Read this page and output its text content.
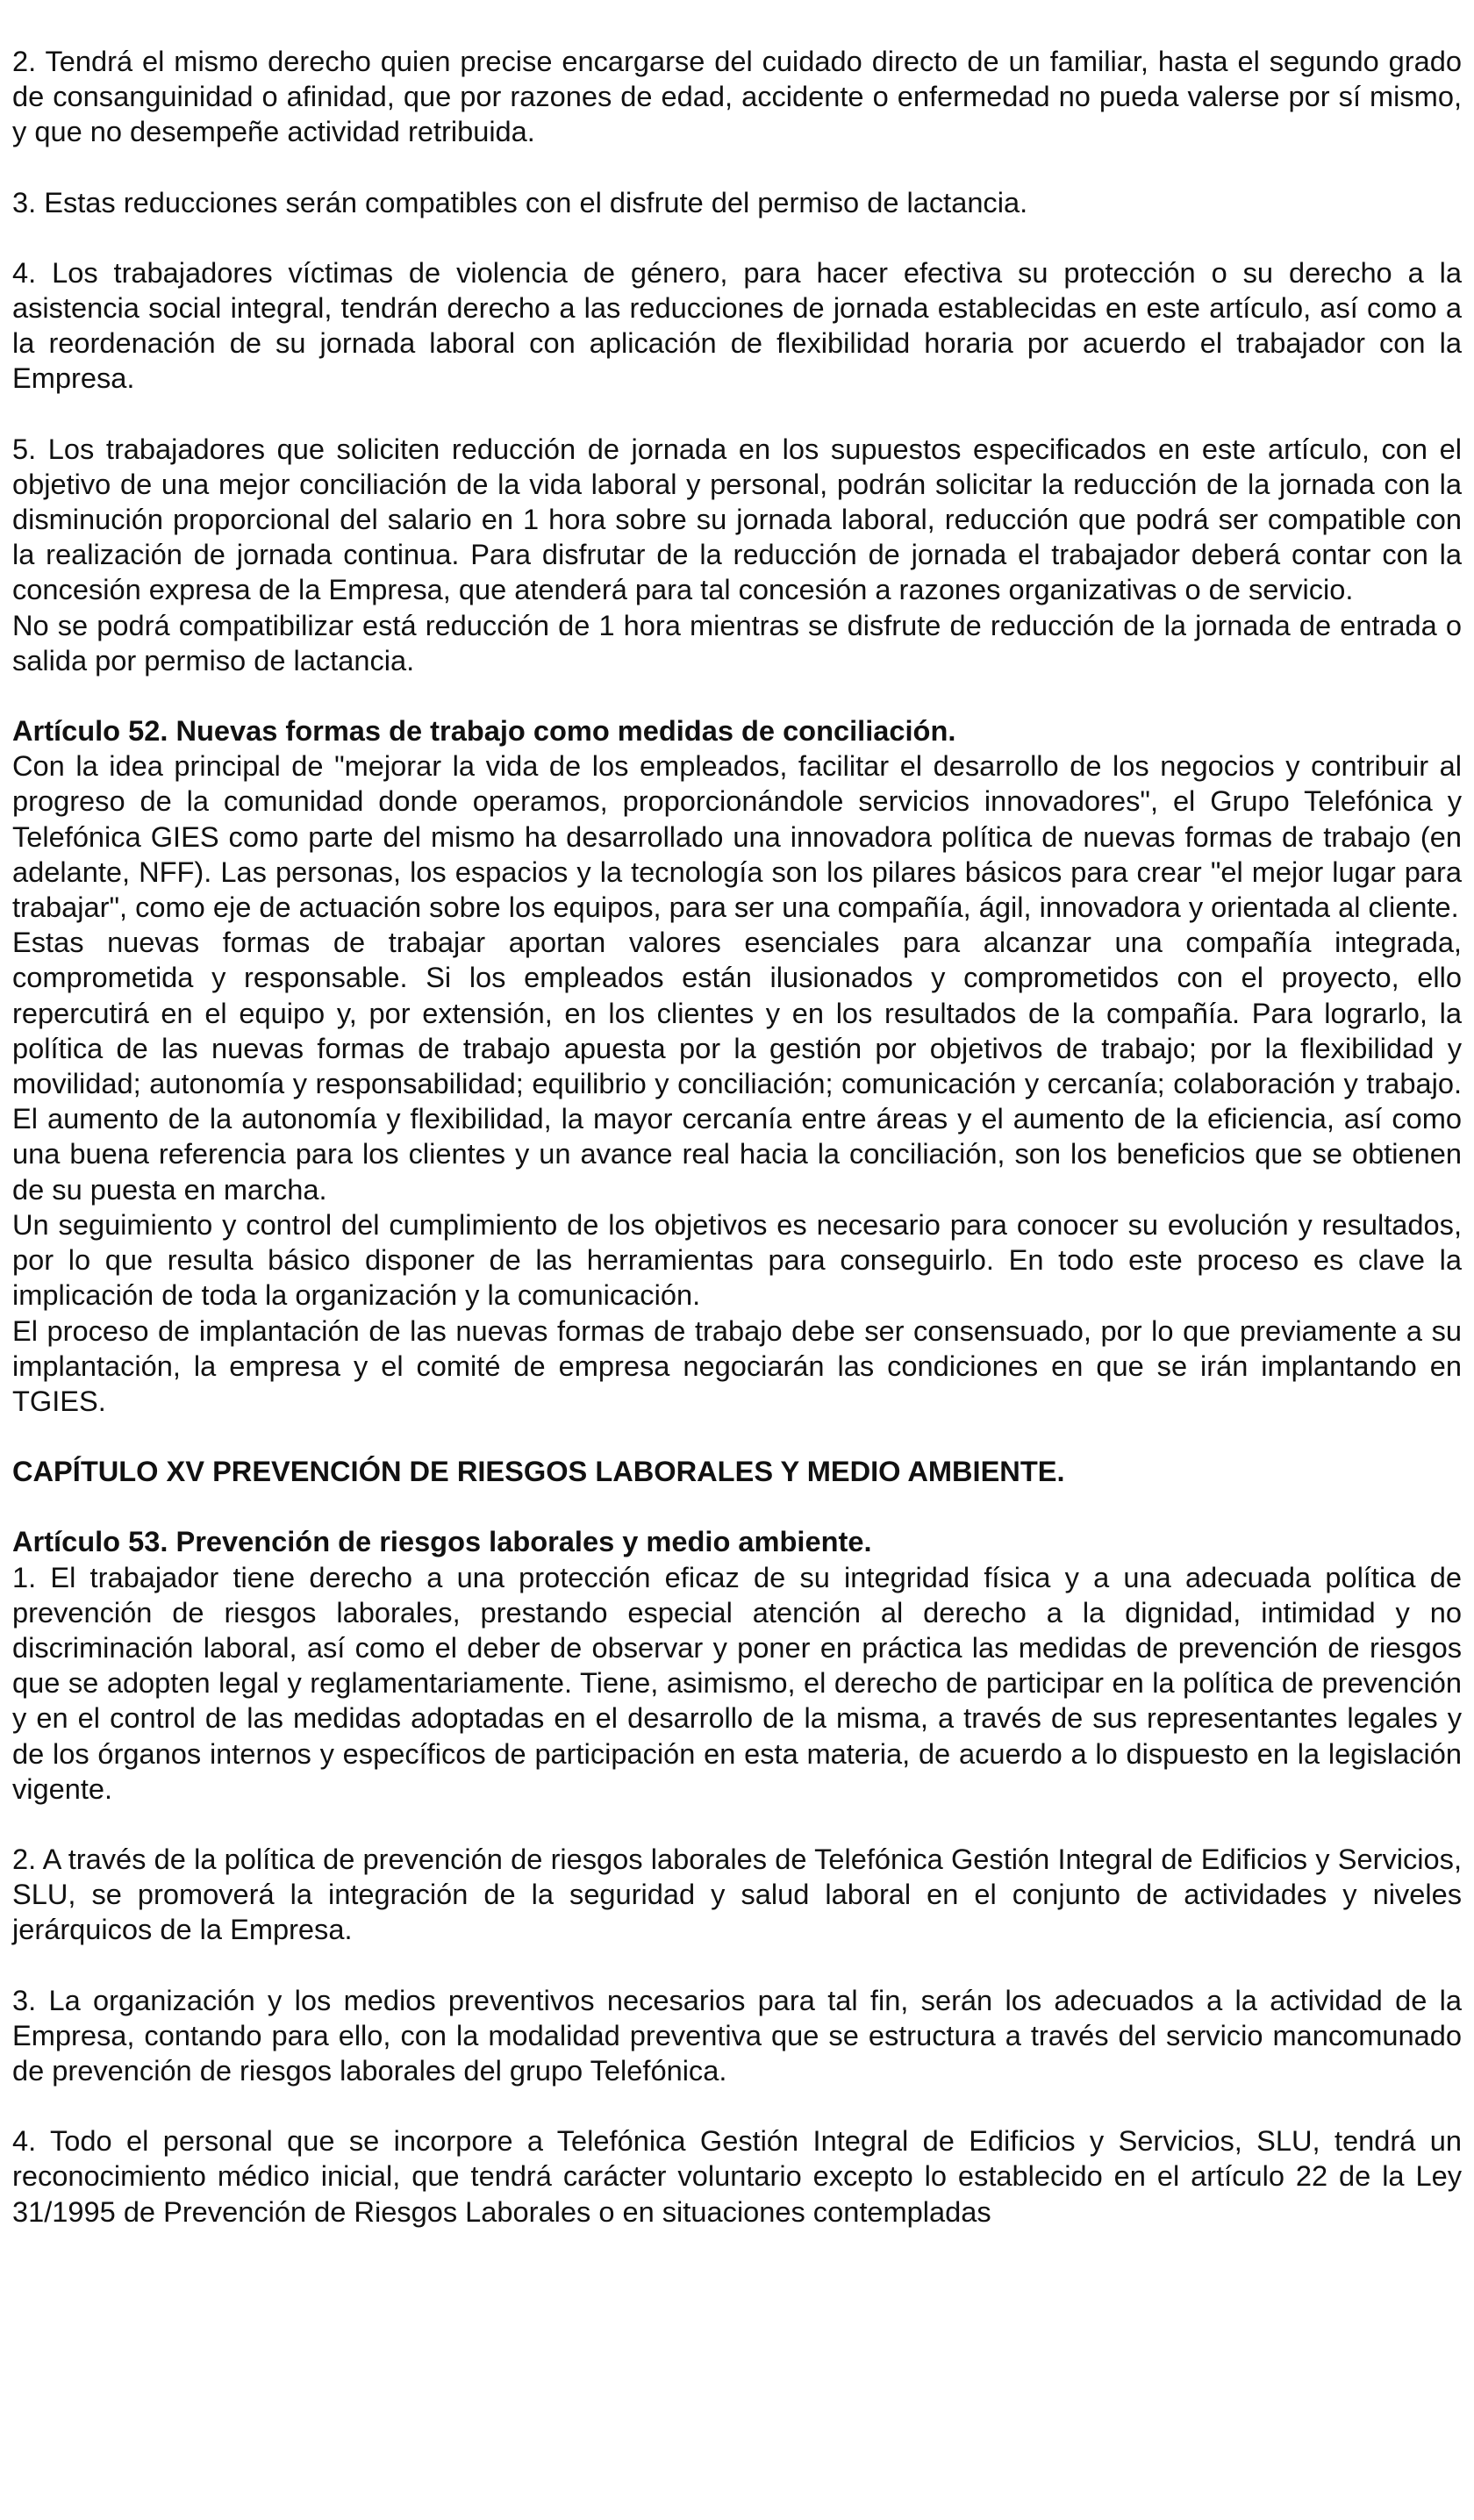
2. Tendrá el mismo derecho quien precise encargarse del cuidado directo de un familiar, hasta el segundo grado de consanguinidad o afinidad, que por razones de edad, accidente o enfermedad no pueda valerse por sí mismo, y que no desempeñe actividad retribuida.

3. Estas reducciones serán compatibles con el disfrute del permiso de lactancia.

4. Los trabajadores víctimas de violencia de género, para hacer efectiva su protección o su derecho a la asistencia social integral, tendrán derecho a las reducciones de jornada establecidas en este artículo, así como a la reordenación de su jornada laboral con aplicación de flexibilidad horaria por acuerdo el trabajador con la Empresa.

5. Los trabajadores que soliciten reducción de jornada en los supuestos especificados en este artículo, con el objetivo de una mejor conciliación de la vida laboral y personal, podrán solicitar la reducción de la jornada con la disminución proporcional del salario en 1 hora sobre su jornada laboral, reducción que podrá ser compatible con la realización de jornada continua. Para disfrutar de la reducción de jornada el trabajador deberá contar con la concesión expresa de la Empresa, que atenderá para tal concesión a razones organizativas o de servicio.

No se podrá compatibilizar está reducción de 1 hora mientras se disfrute de reducción de la jornada de entrada o salida por permiso de lactancia.

Artículo 52. Nuevas formas de trabajo como medidas de conciliación.

Con la idea principal de "mejorar la vida de los empleados, facilitar el desarrollo de los negocios y contribuir al progreso de la comunidad donde operamos, proporcionándole servicios innovadores", el Grupo Telefónica y Telefónica GIES como parte del mismo ha desarrollado una innovadora política de nuevas formas de trabajo (en adelante, NFF). Las personas, los espacios y la tecnología son los pilares básicos para crear "el mejor lugar para trabajar", como eje de actuación sobre los equipos, para ser una compañía, ágil, innovadora y orientada al cliente.

Estas nuevas formas de trabajar aportan valores esenciales para alcanzar una compañía integrada, comprometida y responsable. Si los empleados están ilusionados y comprometidos con el proyecto, ello repercutirá en el equipo y, por extensión, en los clientes y en los resultados de la compañía. Para lograrlo, la política de las nuevas formas de trabajo apuesta por la gestión por objetivos de trabajo; por la flexibilidad y movilidad; autonomía y responsabilidad; equilibrio y conciliación; comunicación y cercanía; colaboración y trabajo. El aumento de la autonomía y flexibilidad, la mayor cercanía entre áreas y el aumento de la eficiencia, así como una buena referencia para los clientes y un avance real hacia la conciliación, son los beneficios que se obtienen de su puesta en marcha.

Un seguimiento y control del cumplimiento de los objetivos es necesario para conocer su evolución y resultados, por lo que resulta básico disponer de las herramientas para conseguirlo. En todo este proceso es clave la implicación de toda la organización y la comunicación.

El proceso de implantación de las nuevas formas de trabajo debe ser consensuado, por lo que previamente a su implantación, la empresa y el comité de empresa negociarán las condiciones en que se irán implantando en TGIES.

CAPÍTULO XV PREVENCIÓN DE RIESGOS LABORALES Y MEDIO AMBIENTE.

Artículo 53. Prevención de riesgos laborales y medio ambiente.

1. El trabajador tiene derecho a una protección eficaz de su integridad física y a una adecuada política de prevención de riesgos laborales, prestando especial atención al derecho a la dignidad, intimidad y no discriminación laboral, así como el deber de observar y poner en práctica las medidas de prevención de riesgos que se adopten legal y reglamentariamente. Tiene, asimismo, el derecho de participar en la política de prevención y en el control de las medidas adoptadas en el desarrollo de la misma, a través de sus representantes legales y de los órganos internos y específicos de participación en esta materia, de acuerdo a lo dispuesto en la legislación vigente.

2. A través de la política de prevención de riesgos laborales de Telefónica Gestión Integral de Edificios y Servicios, SLU, se promoverá la integración de la seguridad y salud laboral en el conjunto de actividades y niveles jerárquicos de la Empresa.

3. La organización y los medios preventivos necesarios para tal fin, serán los adecuados a la actividad de la Empresa, contando para ello, con la modalidad preventiva que se estructura a través del servicio mancomunado de prevención de riesgos laborales del grupo Telefónica.

4. Todo el personal que se incorpore a Telefónica Gestión Integral de Edificios y Servicios, SLU, tendrá un reconocimiento médico inicial, que tendrá carácter voluntario excepto lo establecido en el artículo 22 de la Ley 31/1995 de Prevención de Riesgos Laborales o en situaciones contempladas
